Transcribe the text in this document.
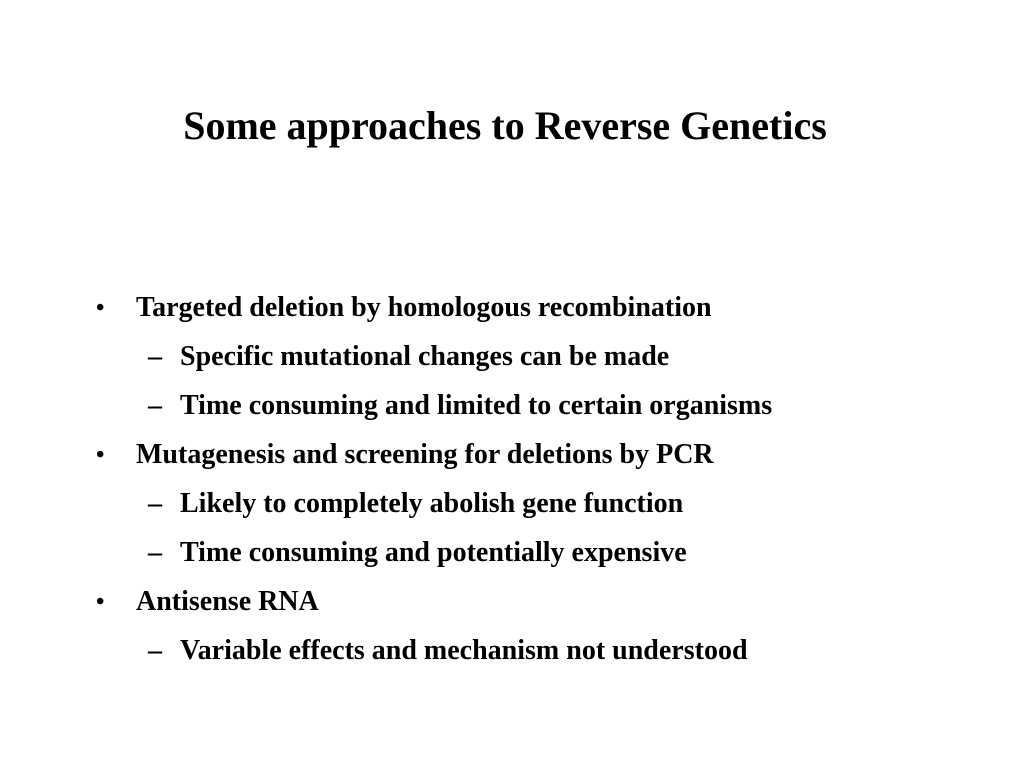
Some approaches to Reverse Genetics
• Targeted deletion by homologous recombination
– Specific mutational changes can be made
– Time consuming and limited to certain organisms
• Mutagenesis and screening for deletions by PCR
– Likely to completely abolish gene function
– Time consuming and potentially expensive
• Antisense RNA
– Variable effects and mechanism not understood
